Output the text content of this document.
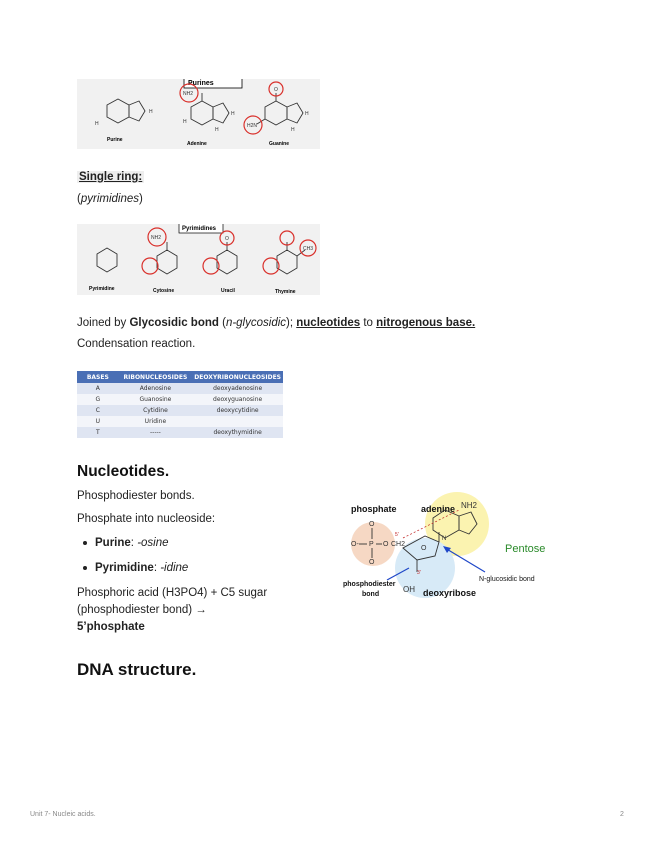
Purines
H
H
H
H	H
H	H
NH2
O
H2N
Purine
Adenine	Guanine
Single ring:
(pyrimidines)
Pyrimidines
NH2	O
CH3
Pyrimidine	Cytosine	Uracil	Thymine
Joined by Glycosidic bond (n-glycosidic); nucleotides to nitrogenous base.
Condensation reaction.
BASES	RIBONUCLEOSIDES	DEOXYRIBONUCLEOSIDES
A	Adenosine	deoxyadenosine
G	Guanosine	deoxyguanosine
C	Cytidine	deoxycytidine
U	Uridine	
T	-----	deoxythymidine
Nucleotides.
Phosphodiester bonds.
Phosphate into nucleoside:
Purine: -osine
Pyrimidine: -idine
Phosphoric acid (H3PO4) + C5 sugar
(phosphodiester bond) →
5’phosphate
phosphate	adenine NH2
O
O- P O CH2
O
5'
O
N
3'
Pentose
N-glucosidic bond
phosphodiester
bond
OH deoxyribose
DNA structure.
Unit 7- Nucleic acids.	2
